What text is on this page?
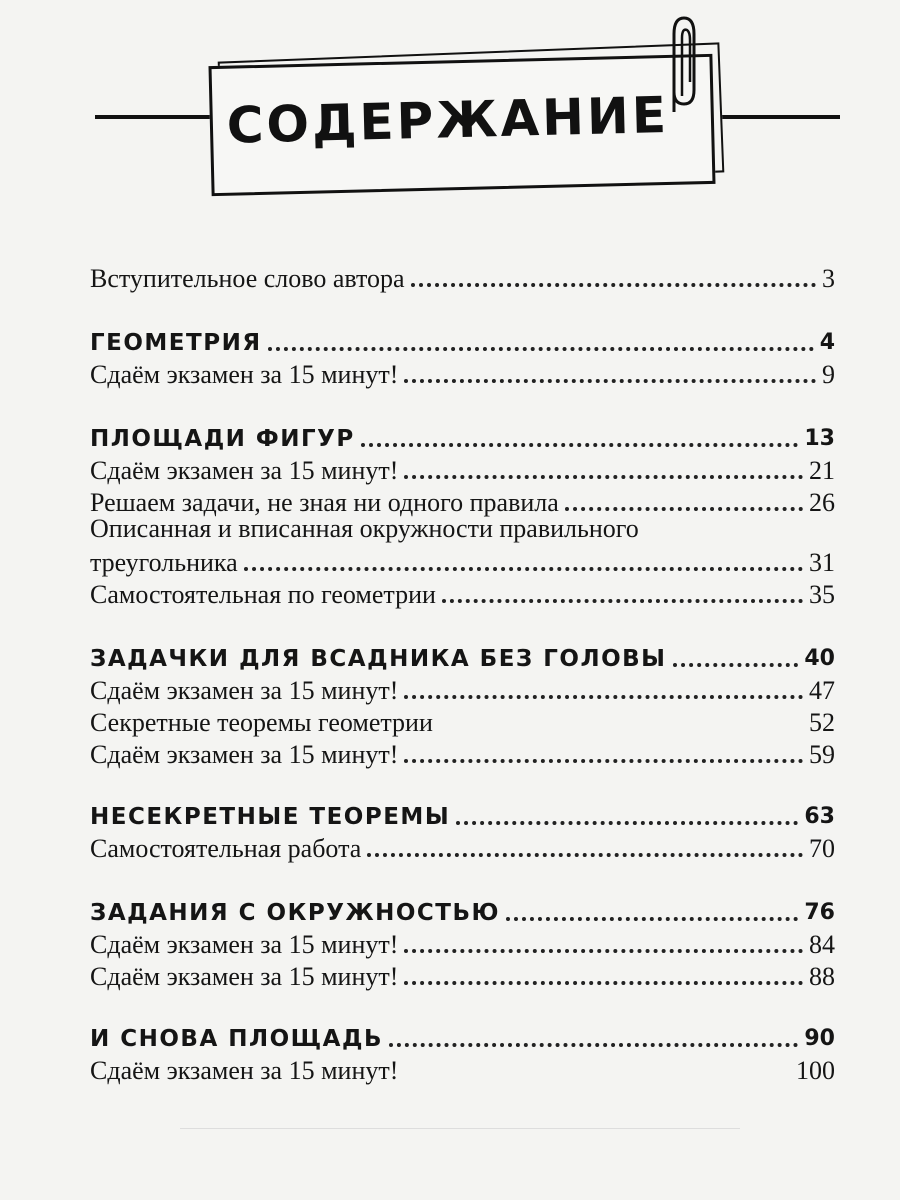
СОДЕРЖАНИЕ
Вступительное слово автора	3
ГЕОМЕТРИЯ	4
Сдаём экзамен за 15 минут!	9
ПЛОЩАДИ ФИГУР	13
Сдаём экзамен за 15 минут!	21
Решаем задачи, не зная ни одного правила	26
Описанная и вписанная окружности правильного
треугольника	31
Самостоятельная по геометрии	35
ЗАДАЧКИ ДЛЯ ВСАДНИКА БЕЗ ГОЛОВЫ	40
Сдаём экзамен за 15 минут!	47
Секретные теоремы геометрии	52
Сдаём экзамен за 15 минут!	59
НЕСЕКРЕТНЫЕ ТЕОРЕМЫ	63
Самостоятельная работа	70
ЗАДАНИЯ С ОКРУЖНОСТЬЮ	76
Сдаём экзамен за 15 минут!	84
Сдаём экзамен за 15 минут!	88
И СНОВА ПЛОЩАДЬ	90
Сдаём экзамен за 15 минут!	100
